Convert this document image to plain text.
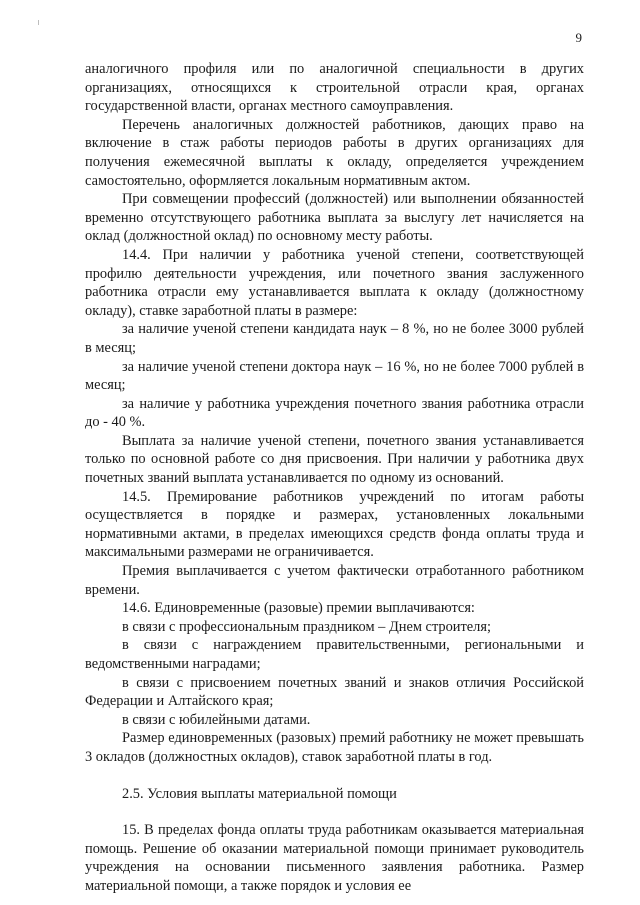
9

аналогичного профиля или по аналогичной специальности в других организациях, относящихся к строительной отрасли края, органах государственной власти, органах местного самоуправления.

Перечень аналогичных должностей работников, дающих право на включение в стаж работы периодов работы в других организациях для получения ежемесячной выплаты к окладу, определяется учреждением самостоятельно, оформляется локальным нормативным актом.

При совмещении профессий (должностей) или выполнении обязанностей временно отсутствующего работника выплата за выслугу лет начисляется на оклад (должностной оклад) по основному месту работы.

14.4. При наличии у работника ученой степени, соответствующей профилю деятельности учреждения, или почетного звания заслуженного работника отрасли ему устанавливается выплата к окладу (должностному окладу), ставке заработной платы в размере:

за наличие ученой степени кандидата наук – 8 %, но не более 3000 рублей в месяц;

за наличие ученой степени доктора наук – 16 %, но не более 7000 рублей в месяц;

за наличие у работника учреждения почетного звания работника отрасли до - 40 %.

Выплата за наличие ученой степени, почетного звания устанавливается только по основной работе со дня присвоения. При наличии у работника двух почетных званий выплата устанавливается по одному из оснований.

14.5. Премирование работников учреждений по итогам работы осуществляется в порядке и размерах, установленных локальными нормативными актами, в пределах имеющихся средств фонда оплаты труда и максимальными размерами не ограничивается.

Премия выплачивается с учетом фактически отработанного работником времени.

14.6. Единовременные (разовые) премии выплачиваются:

в связи с профессиональным праздником – Днем строителя;

в связи с награждением правительственными, региональными и ведомственными наградами;

в связи с присвоением почетных званий и знаков отличия Российской Федерации и Алтайского края;

в связи с юбилейными датами.

Размер единовременных (разовых) премий работнику не может превышать 3 окладов (должностных окладов), ставок заработной платы в год.

2.5. Условия выплаты материальной помощи

15. В пределах фонда оплаты труда работникам оказывается материальная помощь. Решение об оказании материальной помощи принимает руководитель учреждения на основании письменного заявления работника. Размер материальной помощи, а также порядок и условия ее
